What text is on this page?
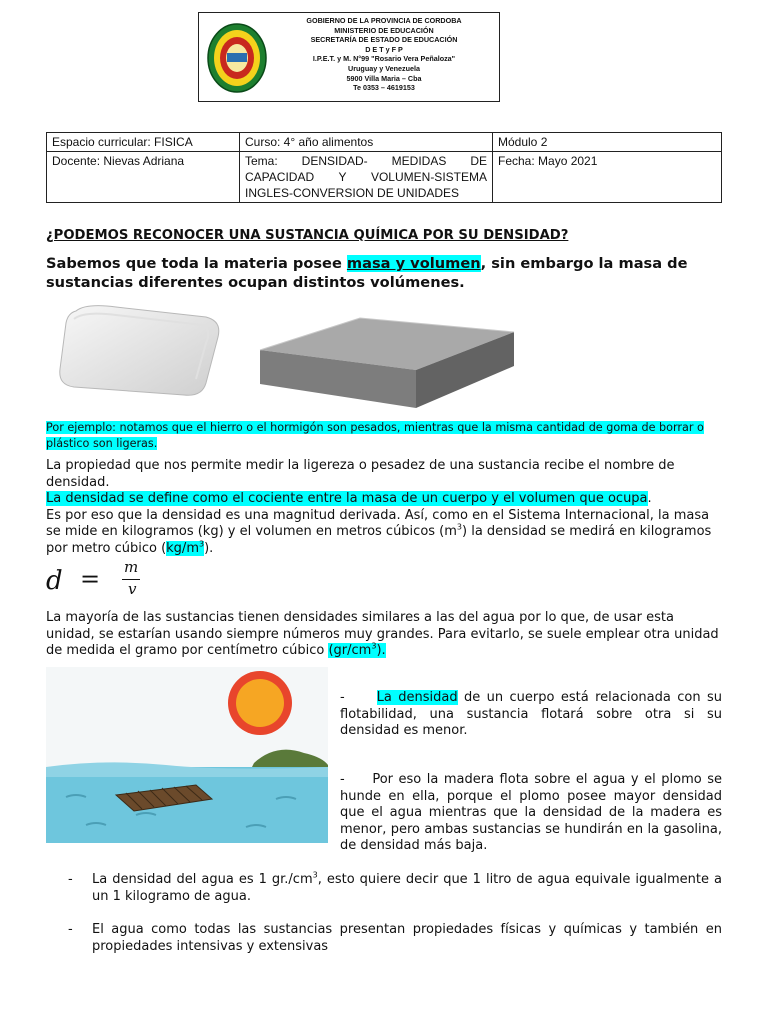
GOBIERNO DE LA PROVINCIA DE CORDOBA
MINISTERIO DE EDUCACIÓN
SECRETARÍA DE ESTADO DE EDUCACIÓN
D E T y F P
I.P.E.T. y M. N°99 "Rosario Vera Peñaloza"
Uruguay y Venezuela
5900 Villa Maria – Cba
Te 0353 – 4619153
Espacio curricular: FISICA	Curso: 4° año alimentos	Módulo 2
Docente: Nievas Adriana	Tema: DENSIDAD- MEDIDAS DE CAPACIDAD Y VOLUMEN-SISTEMA INGLES-CONVERSION DE UNIDADES	Fecha: Mayo 2021
¿PODEMOS RECONOCER UNA SUSTANCIA QUÍMICA POR SU DENSIDAD?
Sabemos que toda la materia posee masa y volumen, sin embargo la masa de sustancias diferentes ocupan distintos volúmenes.
Por ejemplo: notamos que el hierro o el hormigón son pesados, mientras que la misma cantidad de goma de borrar o plástico son ligeras.
La propiedad que nos permite medir la ligereza o pesadez de una sustancia recibe el nombre de densidad.
La densidad se define como el cociente entre la masa de un cuerpo y el volumen que ocupa.
Es por eso que la densidad es una magnitud derivada. Así, como en el Sistema Internacional, la masa se mide en kilogramos (kg) y el volumen en metros cúbicos $(m^3)$ la densidad se medirá en kilogramos por metro cúbico $(kg/m^3)$.
d = m
v
La mayoría de las sustancias tienen densidades similares a las del agua por lo que, de usar esta unidad, se estarían usando siempre números muy grandes. Para evitarlo, se suele emplear otra unidad de medida el gramo por centímetro cúbico $(gr/cm^3)$.
- La densidad de un cuerpo está relacionada con su flotabilidad, una sustancia flotará sobre otra si su densidad es menor.
- Por eso la madera flota sobre el agua y el plomo se hunde en ella, porque el plomo posee mayor densidad que el agua mientras que la densidad de la madera es menor, pero ambas sustancias se hundirán en la gasolina, de densidad más baja.
- La densidad del agua es 1 $gr./cm^3$, esto quiere decir que 1 litro de agua equivale igualmente a un 1 kilogramo de agua.
- El agua como todas las sustancias presentan propiedades físicas y químicas y también en propiedades intensivas y extensivas
